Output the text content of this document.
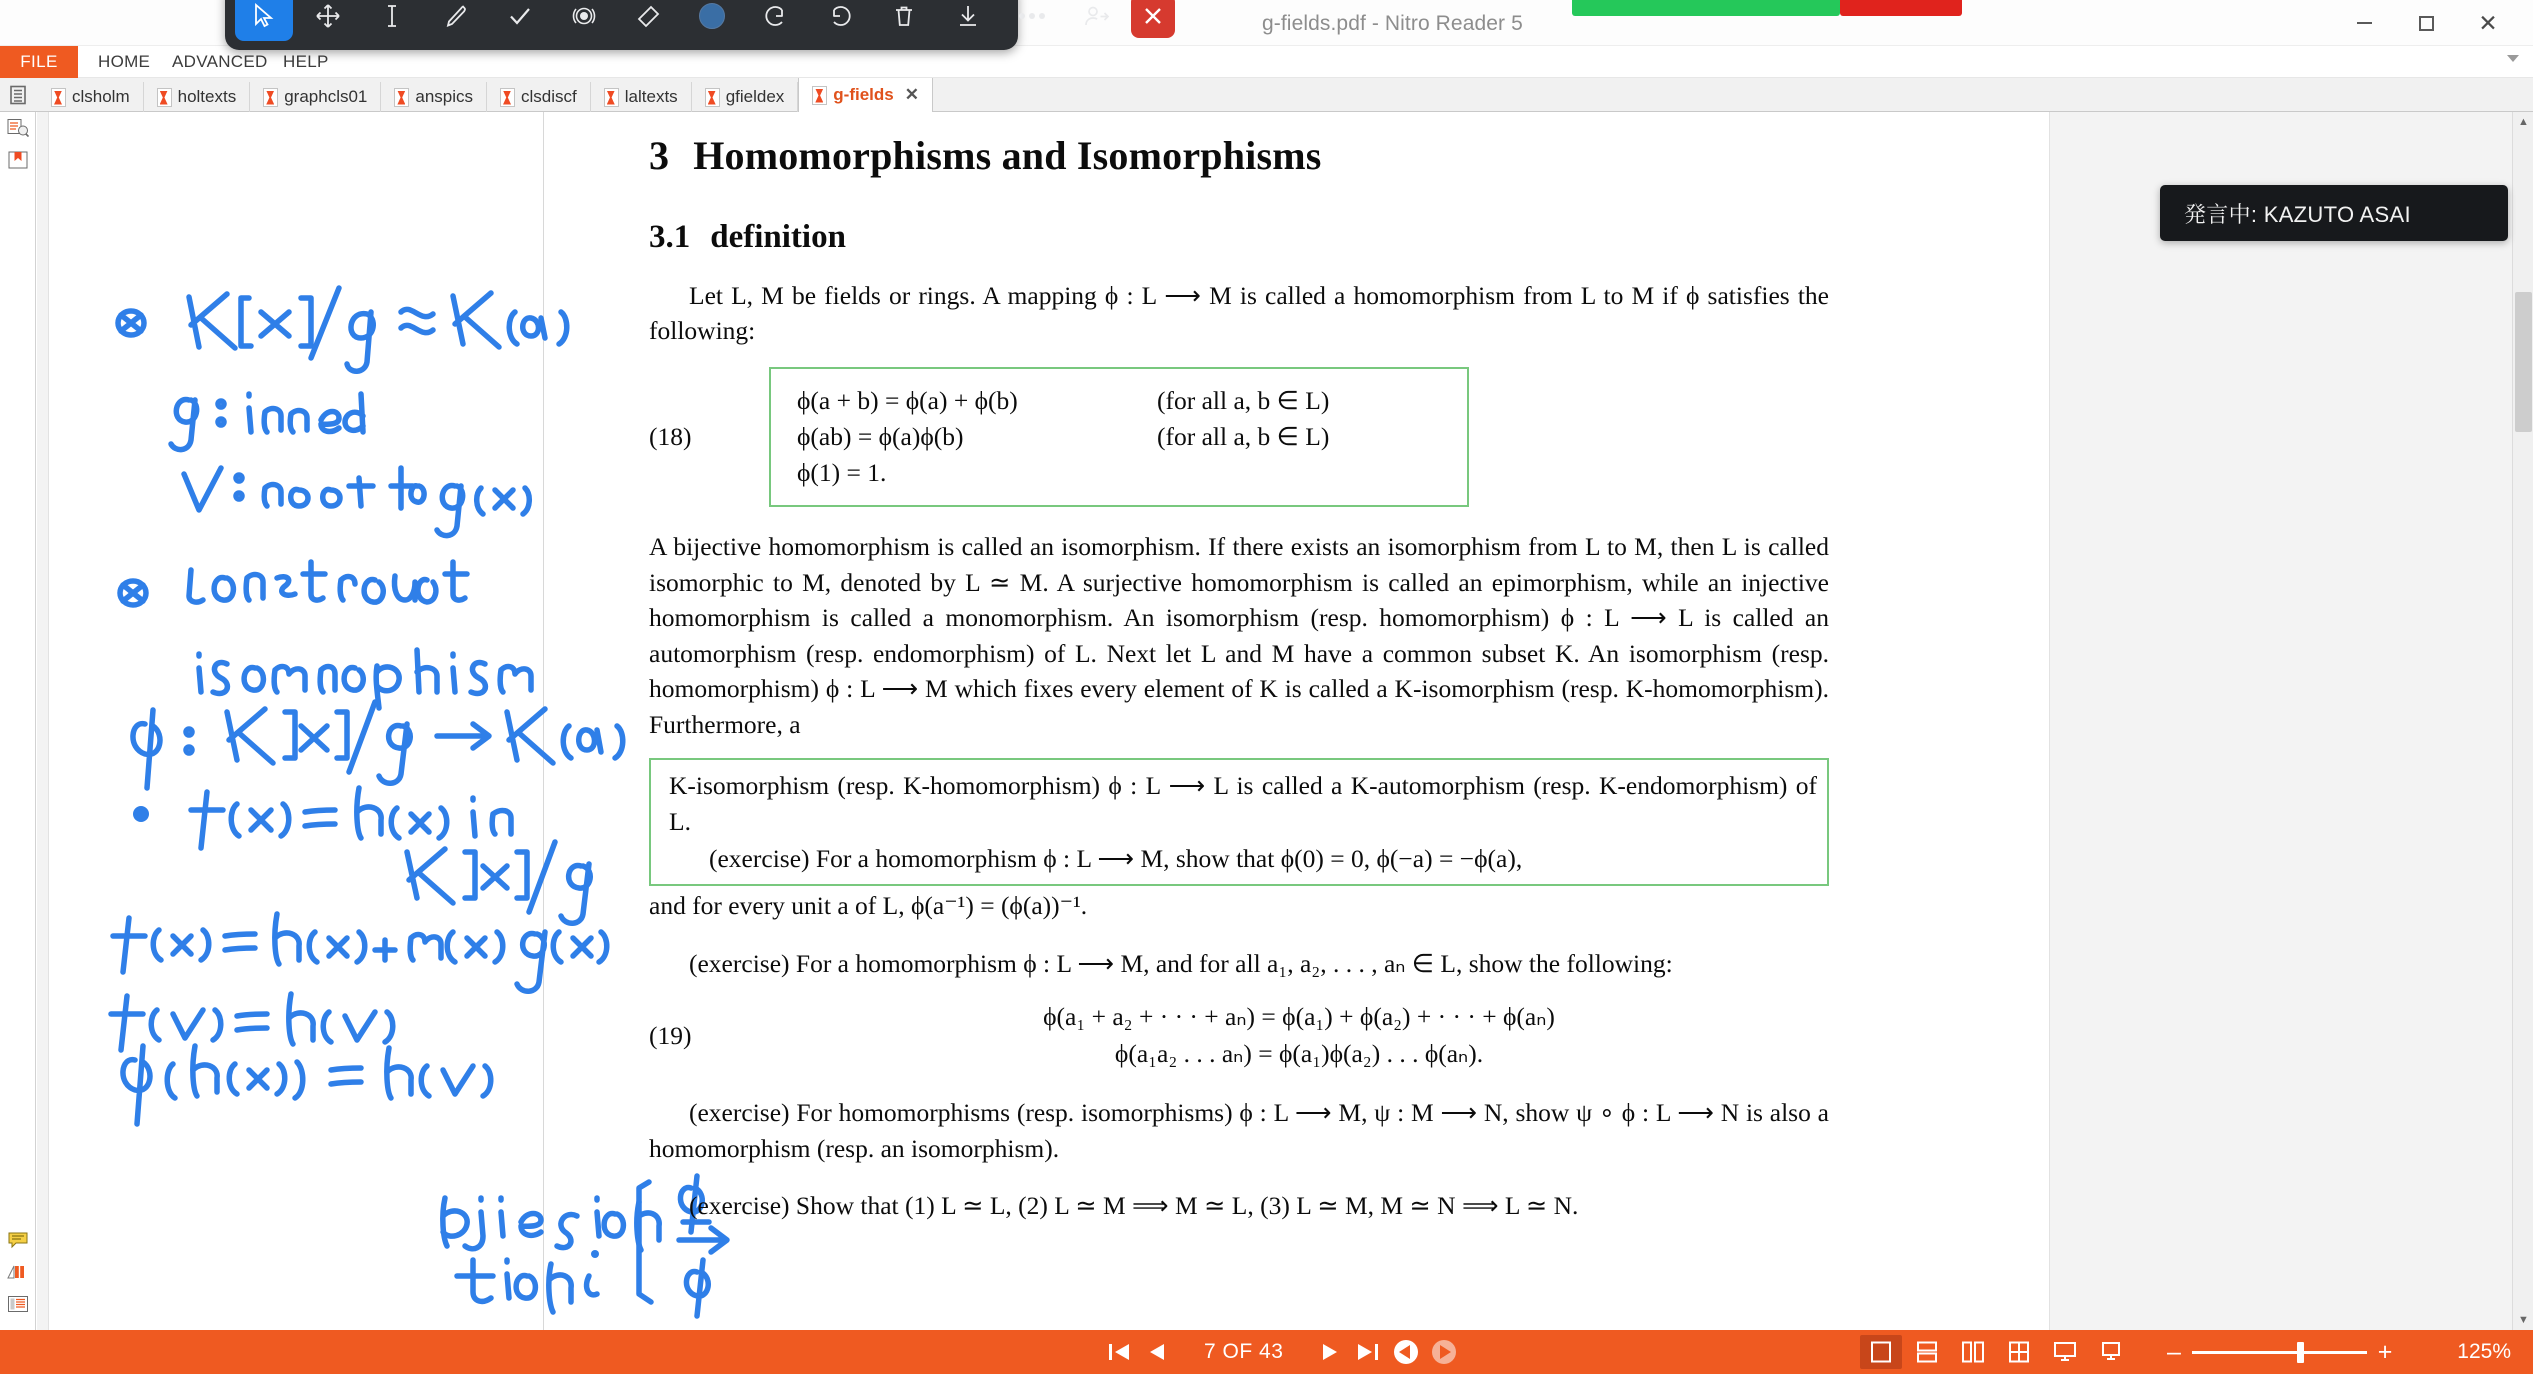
g-fields.pdf - Nitro Reader 5	✕
FILE	HOME ADVANCED HELP
clsholm	holtexts	graphcls01	anspics	clsdiscf	laltexts	gfieldex	g-fields ✕
3 Homomorphisms and Isomorphisms
3.1 definition
Let L, M be fields or rings. A mapping ϕ : L ⟶ M is called a homomorphism from L to M if ϕ satisfies the following:
(18)
ϕ(a + b) = ϕ(a) + ϕ(b)	(for all a, b ∈ L)
ϕ(ab) = ϕ(a)ϕ(b)	(for all a, b ∈ L)
ϕ(1) = 1.
A bijective homomorphism is called an isomorphism. If there exists an isomorphism from L to M, then L is called isomorphic to M, denoted by L ≃ M. A surjective homomorphism is called an epimorphism, while an injective homomorphism is called a monomorphism. An isomorphism (resp. homomorphism) ϕ : L ⟶ L is called an automorphism (resp. endomorphism) of L. Next let L and M have a common subset K. An isomorphism (resp. homomorphism) ϕ : L ⟶ M which fixes every element of K is called a K-isomorphism (resp. K-homomorphism). Furthermore, a
K-isomorphism (resp. K-homomorphism) ϕ : L ⟶ L is called a K-automorphism (resp. K-endomorphism) of L.
(exercise) For a homomorphism ϕ : L ⟶ M, show that ϕ(0) = 0, ϕ(−a) = −ϕ(a),
and for every unit a of L, ϕ(a⁻¹) = (ϕ(a))⁻¹.
(exercise) For a homomorphism ϕ : L ⟶ M, and for all a₁, a₂, . . . , aₙ ∈ L, show the following:
(19)
ϕ(a₁ + a₂ + · · · + aₙ) = ϕ(a₁) + ϕ(a₂) + · · · + ϕ(aₙ)
ϕ(a₁a₂ . . . aₙ) = ϕ(a₁)ϕ(a₂) . . . ϕ(aₙ).
(exercise) For homomorphisms (resp. isomorphisms) ϕ : L ⟶ M, ψ : M ⟶ N, show ψ ∘ ϕ : L ⟶ N is also a homomorphism (resp. an isomorphism).
(exercise) Show that (1) L ≃ L, (2) L ≃ M ⟹ M ≃ L, (3) L ≃ M, M ≃ N ⟹ L ≃ N.
発言中: KAZUTO ASAI
▲
▼
7 OF 43	–	+	125%
